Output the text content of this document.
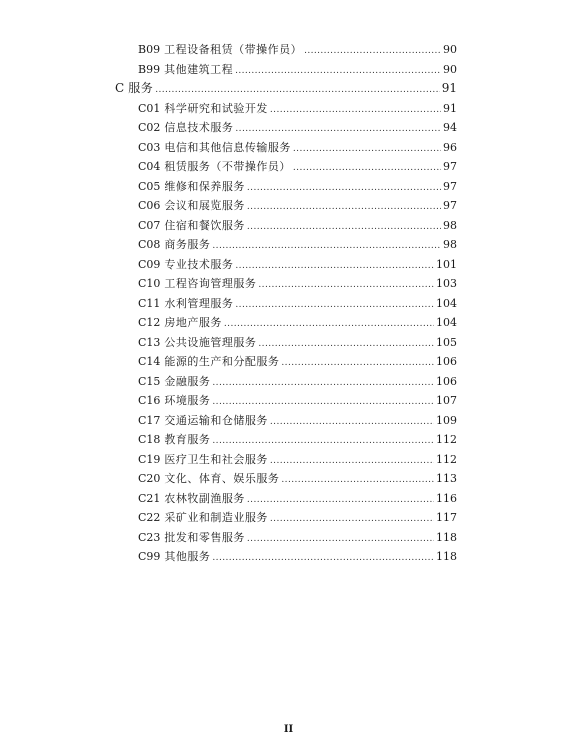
B09 工程设备租赁（带操作员） .....	90
B99 其他建筑工程 .....	90
C 服务 .....	91
C01 科学研究和试验开发 .....	91
C02 信息技术服务 .....	94
C03 电信和其他信息传输服务 .....	96
C04 租赁服务（不带操作员） .....	97
C05 维修和保养服务 .....	97
C06 会议和展览服务 .....	97
C07 住宿和餐饮服务 .....	98
C08 商务服务 .....	98
C09 专业技术服务 .....	101
C10 工程咨询管理服务 .....	103
C11 水利管理服务 .....	104
C12 房地产服务 .....	104
C13 公共设施管理服务 .....	105
C14 能源的生产和分配服务 .....	106
C15 金融服务 .....	106
C16 环境服务 .....	107
C17 交通运输和仓储服务 .....	109
C18 教育服务 .....	112
C19 医疗卫生和社会服务 .....	112
C20 文化、体育、娱乐服务 .....	113
C21 农林牧副渔服务 .....	116
C22 采矿业和制造业服务 .....	117
C23 批发和零售服务 .....	118
C99 其他服务 .....	118
II
